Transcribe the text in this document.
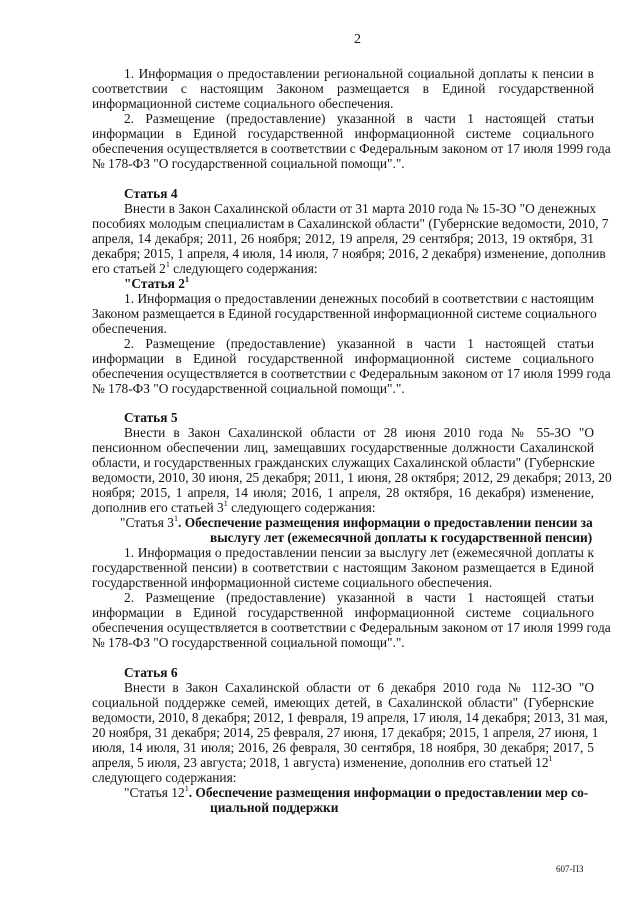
2
1. Информация о предоставлении региональной социальной доплаты к пенсии в
соответствии с настоящим Законом размещается в Единой государственной
информационной системе социального обеспечения.
2. Размещение (предоставление) указанной в части 1 настоящей статьи
информации в Единой государственной информационной системе социального
обеспечения осуществляется в соответствии с Федеральным законом от 17 июля 1999 года
№ 178-ФЗ "О государственной социальной помощи".".
Статья 4
Внести в Закон Сахалинской области от 31 марта 2010 года № 15-ЗО "О денежных
пособиях молодым специалистам в Сахалинской области" (Губернские ведомости, 2010, 7
апреля, 14 декабря; 2011, 26 ноября; 2012, 19 апреля, 29 сентября; 2013, 19 октября, 31
декабря; 2015, 1 апреля, 4 июля, 14 июля, 7 ноября; 2016, 2 декабря) изменение, дополнив
его статьей $2^1$ следующего содержания:
"Статья $2^1$
1. Информация о предоставлении денежных пособий в соответствии с настоящим
Законом размещается в Единой государственной информационной системе социального
обеспечения.
2. Размещение (предоставление) указанной в части 1 настоящей статьи
информации в Единой государственной информационной системе социального
обеспечения осуществляется в соответствии с Федеральным законом от 17 июля 1999 года
№ 178-ФЗ "О государственной социальной помощи".".
Статья 5
Внести в Закон Сахалинской области от 28 июня 2010 года № 55-ЗО "О
пенсионном обеспечении лиц, замещавших государственные должности Сахалинской
области, и государственных гражданских служащих Сахалинской области" (Губернские
ведомости, 2010, 30 июня, 25 декабря; 2011, 1 июня, 28 октября; 2012, 29 декабря; 2013, 20
ноября; 2015, 1 апреля, 14 июля; 2016, 1 апреля, 28 октября, 16 декабря) изменение,
дополнив его статьей $3^1$ следующего содержания:
"Статья $3^1$. Обеспечение размещения информации о предоставлении пенсии за
выслугу лет (ежемесячной доплаты к государственной пенсии)
1. Информация о предоставлении пенсии за выслугу лет (ежемесячной доплаты к
государственной пенсии) в соответствии с настоящим Законом размещается в Единой
государственной информационной системе социального обеспечения.
2. Размещение (предоставление) указанной в части 1 настоящей статьи
информации в Единой государственной информационной системе социального
обеспечения осуществляется в соответствии с Федеральным законом от 17 июля 1999 года
№ 178-ФЗ "О государственной социальной помощи".".
Статья 6
Внести в Закон Сахалинской области от 6 декабря 2010 года № 112-ЗО "О
социальной поддержке семей, имеющих детей, в Сахалинской области" (Губернские
ведомости, 2010, 8 декабря; 2012, 1 февраля, 19 апреля, 17 июля, 14 декабря; 2013, 31 мая,
20 ноября, 31 декабря; 2014, 25 февраля, 27 июня, 17 декабря; 2015, 1 апреля, 27 июня, 1
июля, 14 июля, 31 июля; 2016, 26 февраля, 30 сентября, 18 ноября, 30 декабря; 2017, 5
апреля, 5 июля, 23 августа; 2018, 1 августа) изменение, дополнив его статьей $12^1$
следующего содержания:
"Статья $12^1$. Обеспечение размещения информации о предоставлении мер со-
циальной поддержки
607-ПЗ
